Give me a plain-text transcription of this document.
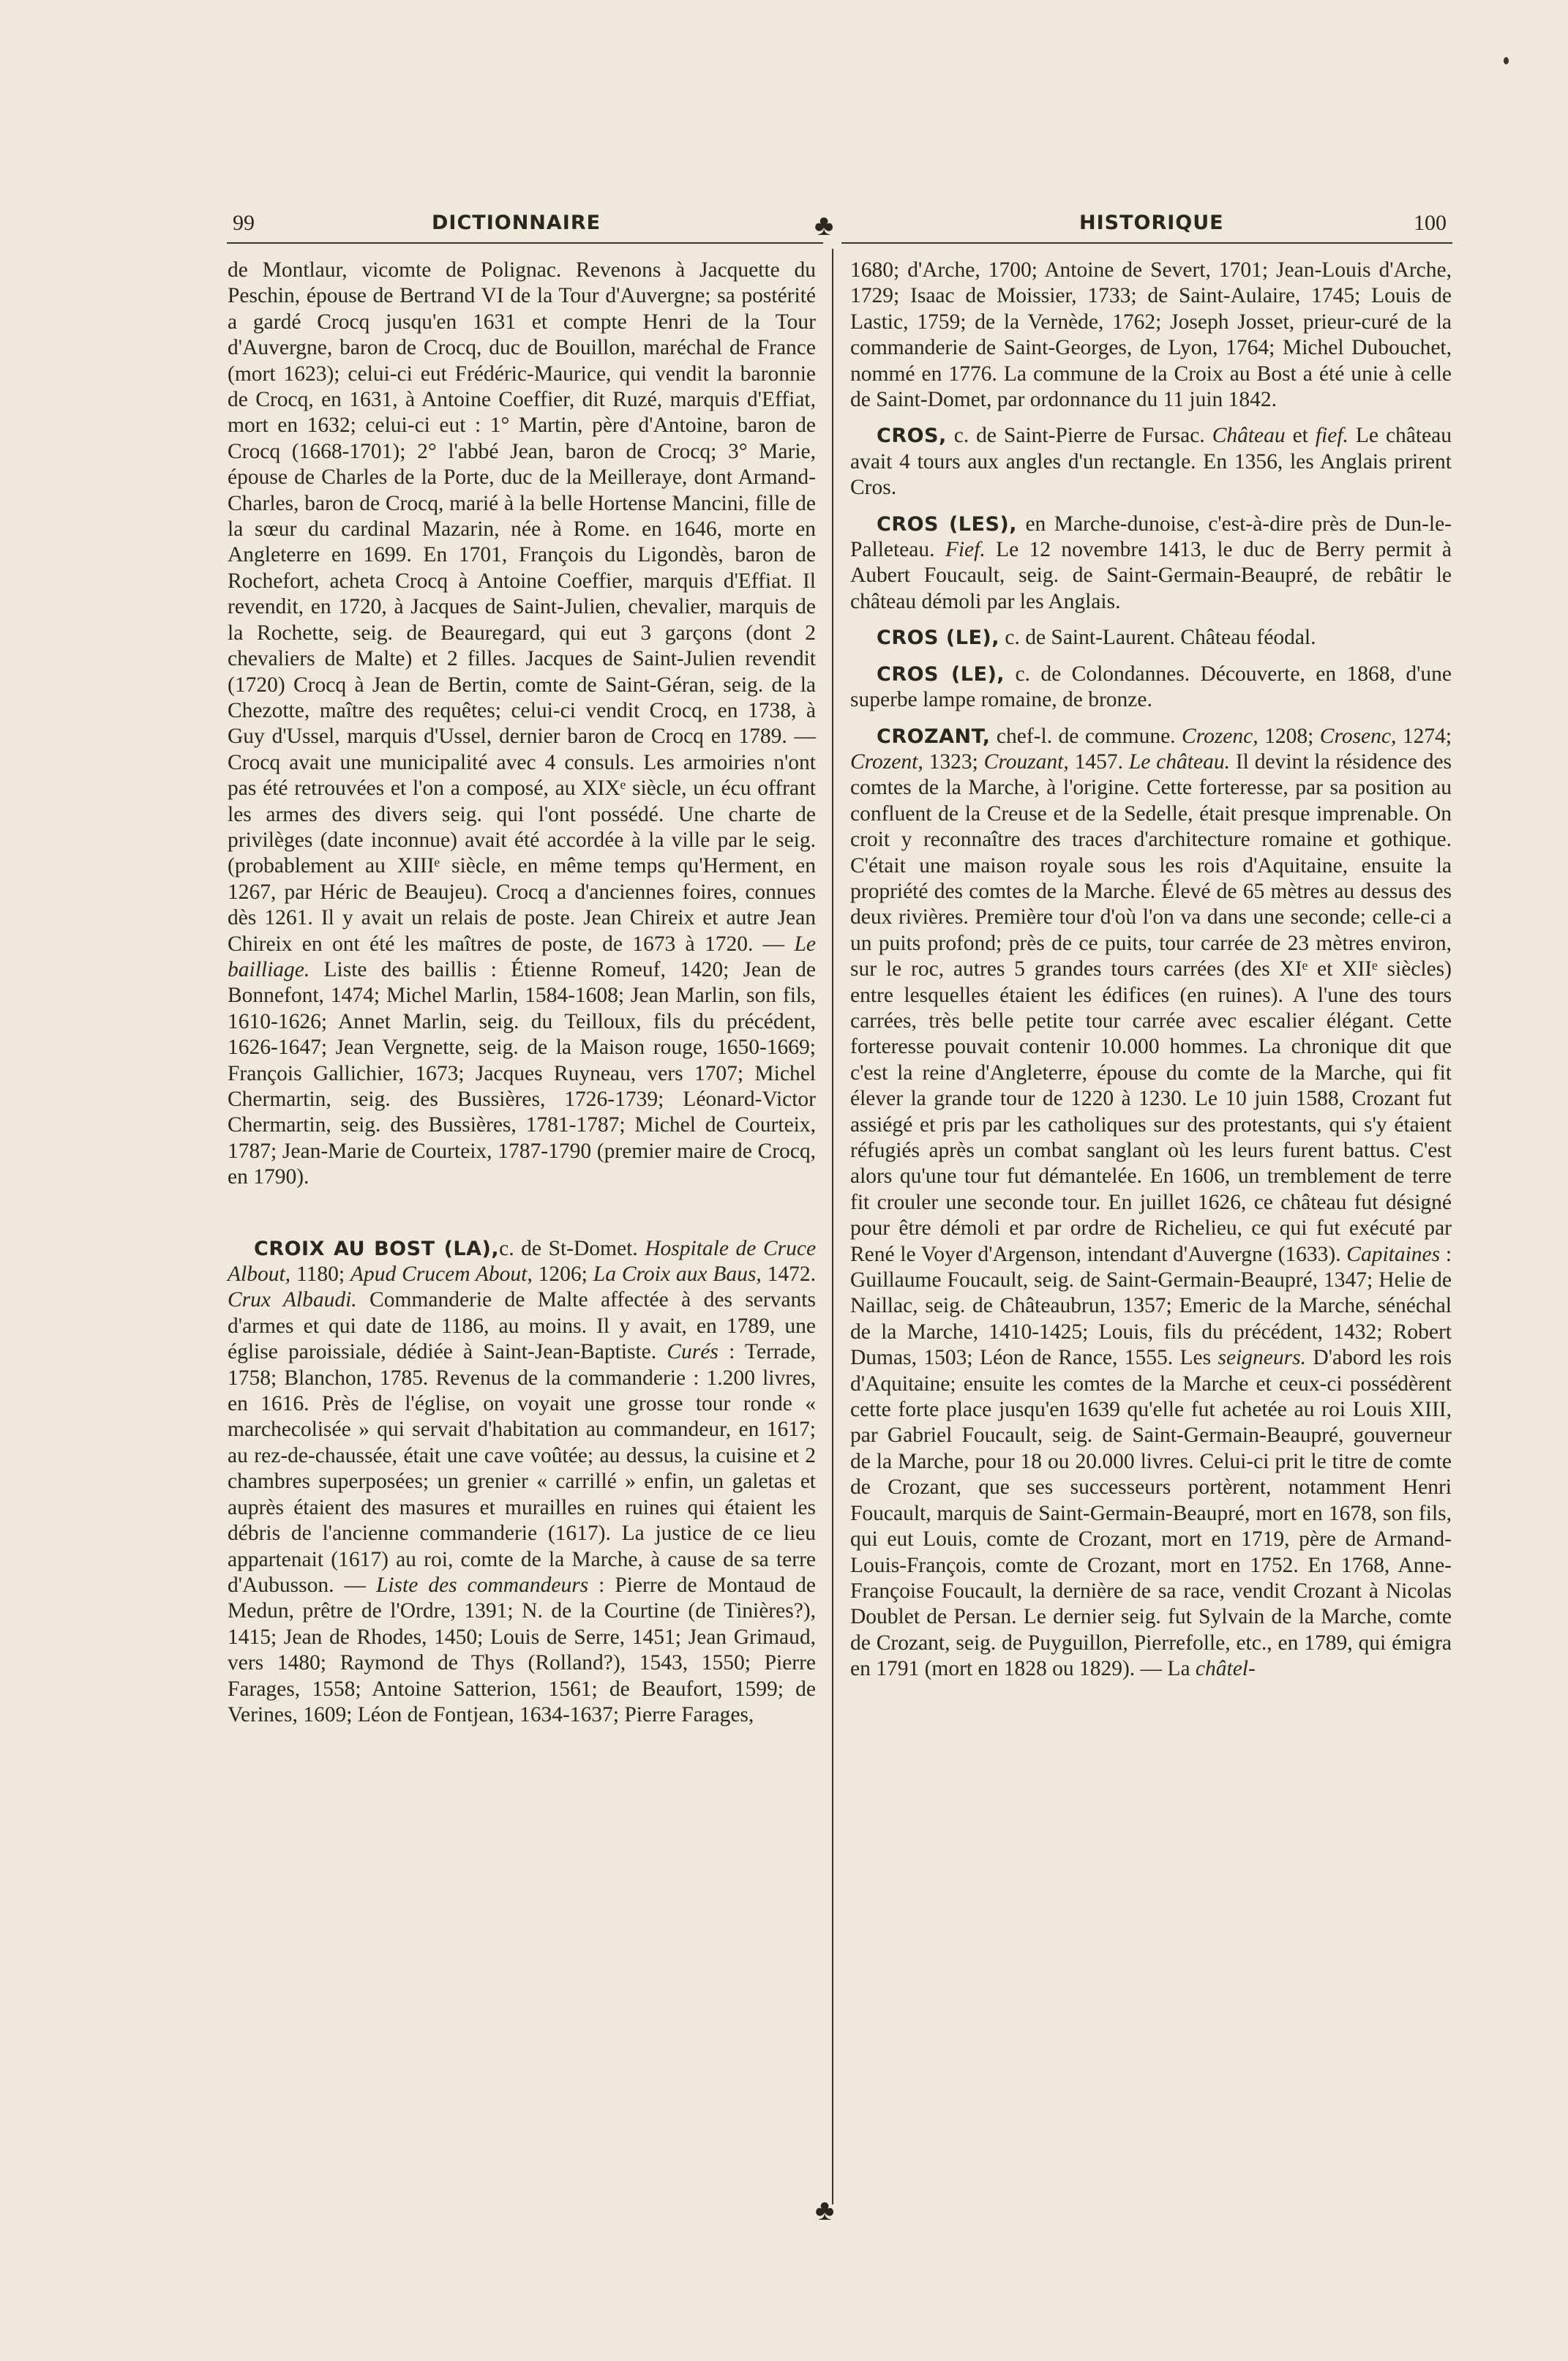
99	DICTIONNAIRE	HISTORIQUE	100
♣
♣

de Montlaur, vicomte de Polignac. Revenons à Jacquette du Peschin, épouse de Bertrand VI de la Tour d'Auvergne; sa postérité a gardé Crocq jusqu'en 1631 et compte Henri de la Tour d'Auvergne, baron de Crocq, duc de Bouillon, maréchal de France (mort 1623); celui-ci eut Frédéric-Maurice, qui vendit la baronnie de Crocq, en 1631, à Antoine Coeffier, dit Ruzé, marquis d'Effiat, mort en 1632; celui-ci eut : 1° Martin, père d'Antoine, baron de Crocq (1668-1701); 2° l'abbé Jean, baron de Crocq; 3° Marie, épouse de Charles de la Porte, duc de la Meilleraye, dont Armand-Charles, baron de Crocq, marié à la belle Hortense Mancini, fille de la sœur du cardinal Mazarin, née à Rome. en 1646, morte en Angleterre en 1699. En 1701, François du Ligondès, baron de Rochefort, acheta Crocq à Antoine Coeffier, marquis d'Effiat. Il revendit, en 1720, à Jacques de Saint-Julien, chevalier, marquis de la Rochette, seig. de Beauregard, qui eut 3 garçons (dont 2 chevaliers de Malte) et 2 filles. Jacques de Saint-Julien revendit (1720) Crocq à Jean de Bertin, comte de Saint-Géran, seig. de la Chezotte, maître des requêtes; celui-ci vendit Crocq, en 1738, à Guy d'Ussel, marquis d'Ussel, dernier baron de Crocq en 1789. — Crocq avait une municipalité avec 4 consuls. Les armoiries n'ont pas été retrouvées et l'on a composé, au XIXᵉ siècle, un écu offrant les armes des divers seig. qui l'ont possédé. Une charte de privilèges (date inconnue) avait été accordée à la ville par le seig. (probablement au XIIIᵉ siècle, en même temps qu'Herment, en 1267, par Héric de Beaujeu). Crocq a d'anciennes foires, connues dès 1261. Il y avait un relais de poste. Jean Chireix et autre Jean Chireix en ont été les maîtres de poste, de 1673 à 1720. — Le bailliage. Liste des baillis : Étienne Romeuf, 1420; Jean de Bonnefont, 1474; Michel Marlin, 1584-1608; Jean Marlin, son fils, 1610-1626; Annet Marlin, seig. du Teilloux, fils du précédent, 1626-1647; Jean Vergnette, seig. de la Maison rouge, 1650-1669; François Gallichier, 1673; Jacques Ruyneau, vers 1707; Michel Chermartin, seig. des Bussières, 1726-1739; Léonard-Victor Chermartin, seig. des Bussières, 1781-1787; Michel de Courteix, 1787; Jean-Marie de Courteix, 1787-1790 (premier maire de Crocq, en 1790).

CROIX AU BOST (LA),c. de St-Domet. Hospitale de Cruce Albout, 1180; Apud Crucem About, 1206; La Croix aux Baus, 1472. Crux Albaudi. Commanderie de Malte affectée à des servants d'armes et qui date de 1186, au moins. Il y avait, en 1789, une église paroissiale, dédiée à Saint-Jean-Baptiste. Curés : Terrade, 1758; Blanchon, 1785. Revenus de la commanderie : 1.200 livres, en 1616. Près de l'église, on voyait une grosse tour ronde « marchecolisée » qui servait d'habitation au commandeur, en 1617; au rez-de-chaussée, était une cave voûtée; au dessus, la cuisine et 2 chambres superposées; un grenier « carrillé » enfin, un galetas et auprès étaient des masures et murailles en ruines qui étaient les débris de l'ancienne commanderie (1617). La justice de ce lieu appartenait (1617) au roi, comte de la Marche, à cause de sa terre d'Aubusson. — Liste des commandeurs : Pierre de Montaud de Medun, prêtre de l'Ordre, 1391; N. de la Courtine (de Tinières?), 1415; Jean de Rhodes, 1450; Louis de Serre, 1451; Jean Grimaud, vers 1480; Raymond de Thys (Rolland?), 1543, 1550; Pierre Farages, 1558; Antoine Satterion, 1561; de Beaufort, 1599; de Verines, 1609; Léon de Fontjean, 1634-1637; Pierre Farages,

1680; d'Arche, 1700; Antoine de Severt, 1701; Jean-Louis d'Arche, 1729; Isaac de Moissier, 1733; de Saint-Aulaire, 1745; Louis de Lastic, 1759; de la Vernède, 1762; Joseph Josset, prieur-curé de la commanderie de Saint-Georges, de Lyon, 1764; Michel Dubouchet, nommé en 1776. La commune de la Croix au Bost a été unie à celle de Saint-Domet, par ordonnance du 11 juin 1842.

CROS, c. de Saint-Pierre de Fursac. Château et fief. Le château avait 4 tours aux angles d'un rectangle. En 1356, les Anglais prirent Cros.

CROS (LES), en Marche-dunoise, c'est-à-dire près de Dun-le-Palleteau. Fief. Le 12 novembre 1413, le duc de Berry permit à Aubert Foucault, seig. de Saint-Germain-Beaupré, de rebâtir le château démoli par les Anglais.

CROS (LE), c. de Saint-Laurent. Château féodal.

CROS (LE), c. de Colondannes. Découverte, en 1868, d'une superbe lampe romaine, de bronze.

CROZANT, chef-l. de commune. Crozenc, 1208; Crosenc, 1274; Crozent, 1323; Crouzant, 1457. Le château. Il devint la résidence des comtes de la Marche, à l'origine. Cette forteresse, par sa position au confluent de la Creuse et de la Sedelle, était presque imprenable. On croit y reconnaître des traces d'architecture romaine et gothique. C'était une maison royale sous les rois d'Aquitaine, ensuite la propriété des comtes de la Marche. Élevé de 65 mètres au dessus des deux rivières. Première tour d'où l'on va dans une seconde; celle-ci a un puits profond; près de ce puits, tour carrée de 23 mètres environ, sur le roc, autres 5 grandes tours carrées (des XIᵉ et XIIᵉ siècles) entre lesquelles étaient les édifices (en ruines). A l'une des tours carrées, très belle petite tour carrée avec escalier élégant. Cette forteresse pouvait contenir 10.000 hommes. La chronique dit que c'est la reine d'Angleterre, épouse du comte de la Marche, qui fit élever la grande tour de 1220 à 1230. Le 10 juin 1588, Crozant fut assiégé et pris par les catholiques sur des protestants, qui s'y étaient réfugiés après un combat sanglant où les leurs furent battus. C'est alors qu'une tour fut démantelée. En 1606, un tremblement de terre fit crouler une seconde tour. En juillet 1626, ce château fut désigné pour être démoli et par ordre de Richelieu, ce qui fut exécuté par René le Voyer d'Argenson, intendant d'Auvergne (1633). Capitaines : Guillaume Foucault, seig. de Saint-Germain-Beaupré, 1347; Helie de Naillac, seig. de Châteaubrun, 1357; Emeric de la Marche, sénéchal de la Marche, 1410-1425; Louis, fils du précédent, 1432; Robert Dumas, 1503; Léon de Rance, 1555. Les seigneurs. D'abord les rois d'Aquitaine; ensuite les comtes de la Marche et ceux-ci possédèrent cette forte place jusqu'en 1639 qu'elle fut achetée au roi Louis XIII, par Gabriel Foucault, seig. de Saint-Germain-Beaupré, gouverneur de la Marche, pour 18 ou 20.000 livres. Celui-ci prit le titre de comte de Crozant, que ses successeurs portèrent, notamment Henri Foucault, marquis de Saint-Germain-Beaupré, mort en 1678, son fils, qui eut Louis, comte de Crozant, mort en 1719, père de Armand-Louis-François, comte de Crozant, mort en 1752. En 1768, Anne-Françoise Foucault, la dernière de sa race, vendit Crozant à Nicolas Doublet de Persan. Le dernier seig. fut Sylvain de la Marche, comte de Crozant, seig. de Puyguillon, Pierrefolle, etc., en 1789, qui émigra en 1791 (mort en 1828 ou 1829). — La châtel-
